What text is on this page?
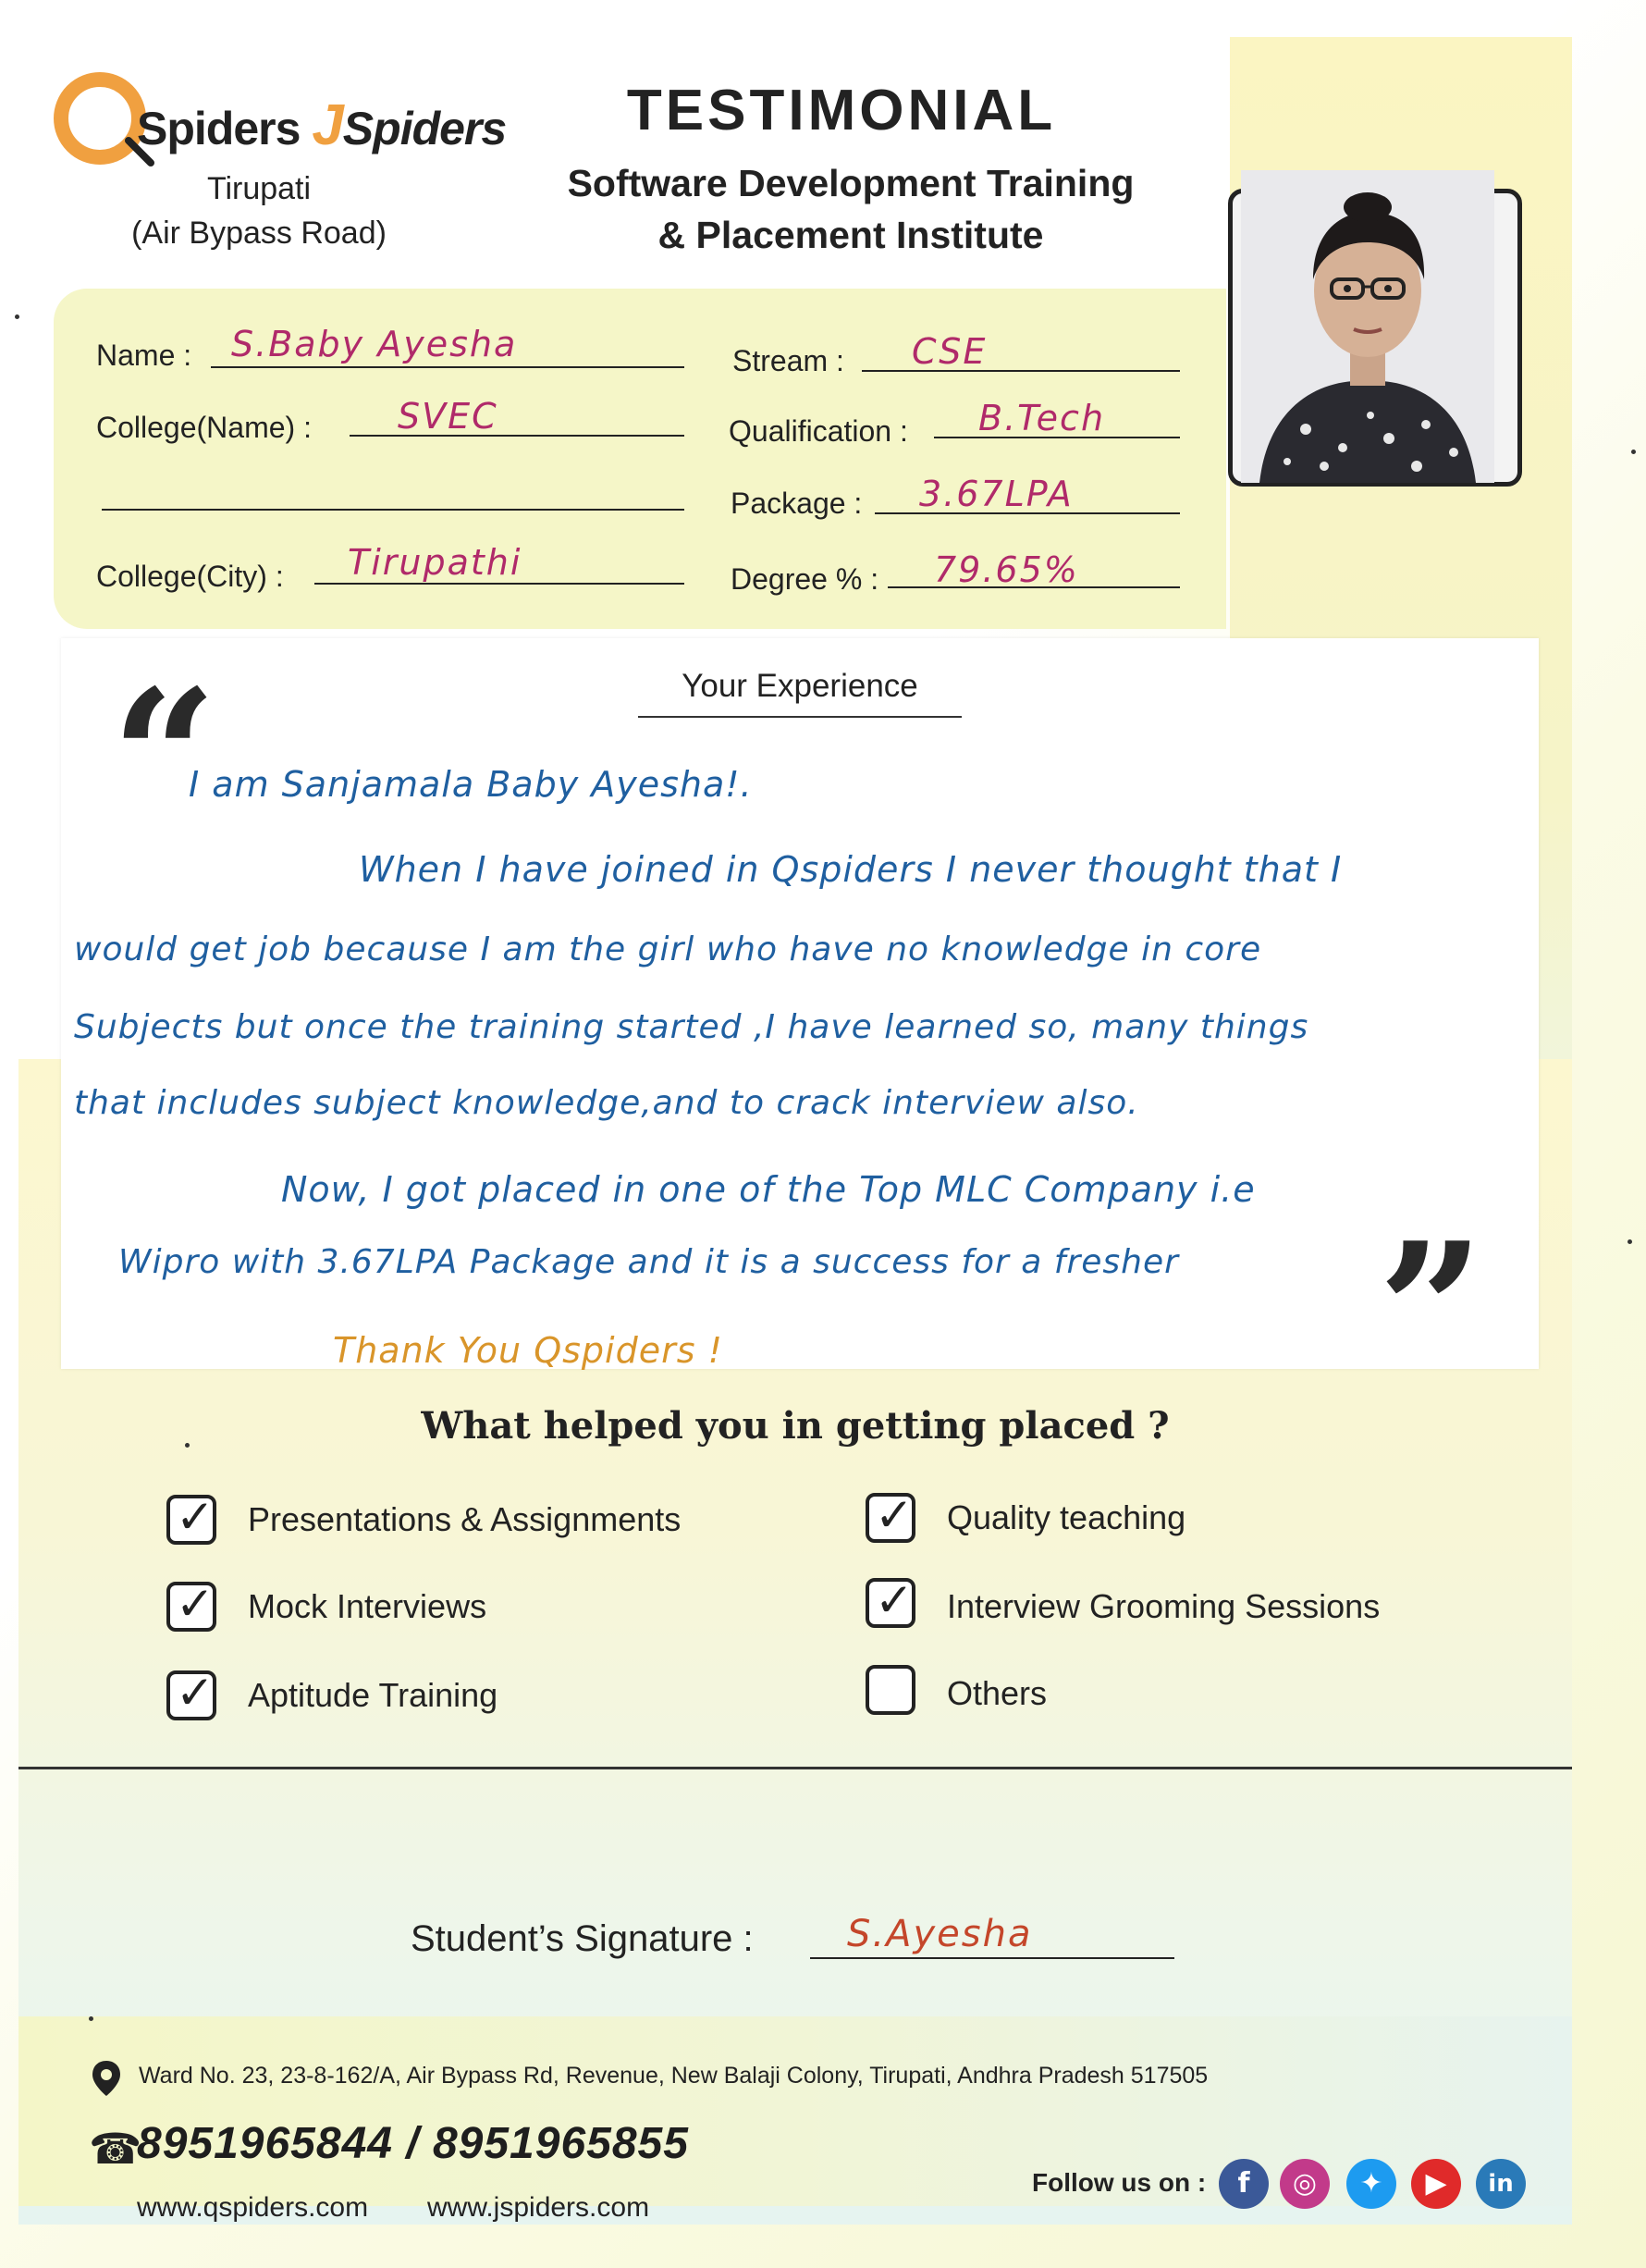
Spiders JSpiders
Tirupati
(Air Bypass Road)
TESTIMONIAL
Software Development Training
& Placement Institute
Name : S.Baby Ayesha
College(Name) : SVEC
College(City) : Tirupathi
Stream : CSE
Qualification : B.Tech
Package : 3.67LPA
Degree % : 79.65%
Your Experience
“
I am Sanjamala Baby Ayesha!.
When I have joined in Qspiders I never thought that I
would get job because I am the girl who have no knowledge in core
Subjects but once the training started ,I have learned so, many things
that includes subject knowledge,and to crack interview also.
Now, I got placed in one of the Top MLC Company i.e
Wipro with 3.67LPA Package and it is a success for a fresher ”
Thank You Qspiders !
What helped you in getting placed ?
✓ Presentations & Assignments
✓ Mock Interviews
✓ Aptitude Training
✓ Quality teaching
✓ Interview Grooming Sessions
Others
Student’s Signature :	S.Ayesha
Ward No. 23, 23-8-162/A, Air Bypass Rd, Revenue, New Balaji Colony, Tirupati, Andhra Pradesh 517505
☎
8951965844 / 8951965855
www.qspiders.com www.jspiders.com
Follow us on :	f	◎	✦	▶	in
